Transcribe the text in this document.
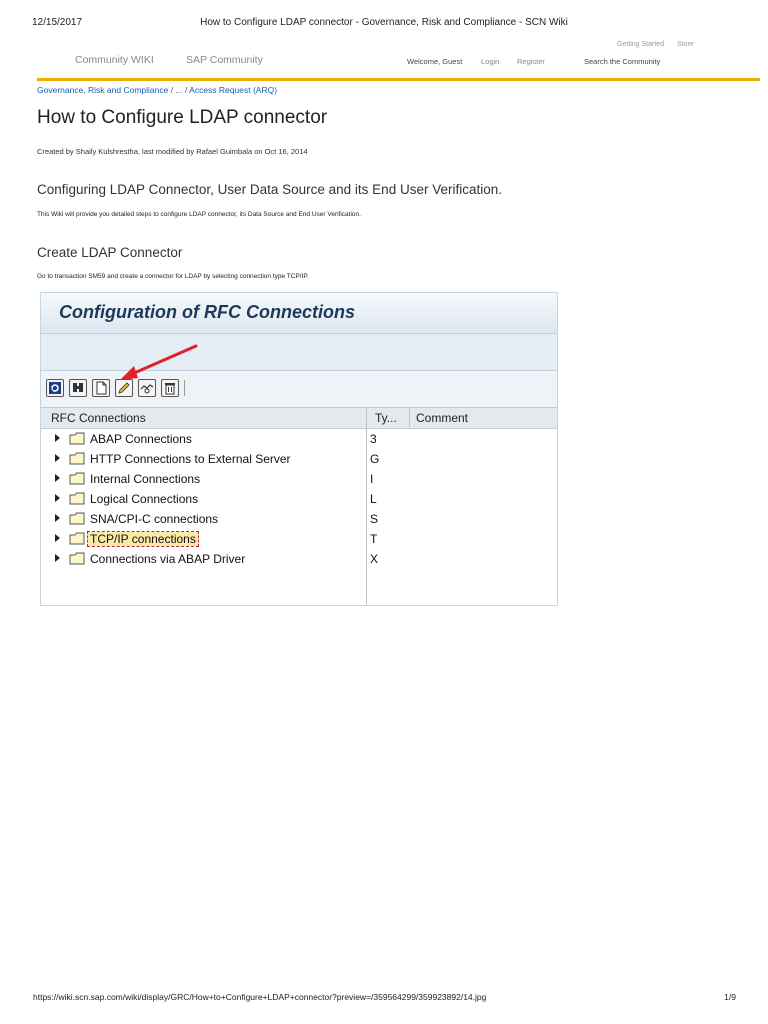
12/15/2017	How to Configure LDAP connector - Governance, Risk and Compliance - SCN Wiki
Getting Started Store
Community WIKI	SAP Community	Welcome, Guest Login Register	Search the Community
Governance, Risk and Compliance / ... / Access Request (ARQ)
How to Configure LDAP connector
Created by Shaily Kulshrestha, last modified by Rafael Guimbala on Oct 16, 2014
Configuring LDAP Connector, User Data Source and its End User Verification.
This Wiki will provide you detailed steps to configure LDAP connector, its Data Source and End User Verification.
Create LDAP Connector
Go to transaction SM59 and create a connector for LDAP by selecting connection type TCP/IP.
Configuration of RFC Connections
RFC Connections	Ty... Comment
ABAP Connections	3
HTTP Connections to External Server	G
Internal Connections	I
Logical Connections	L
SNA/CPI-C connections	S
TCP/IP connections	T
Connections via ABAP Driver	X
https://wiki.scn.sap.com/wiki/display/GRC/How+to+Configure+LDAP+connector?preview=/359564299/359923892/14.jpg	1/9
